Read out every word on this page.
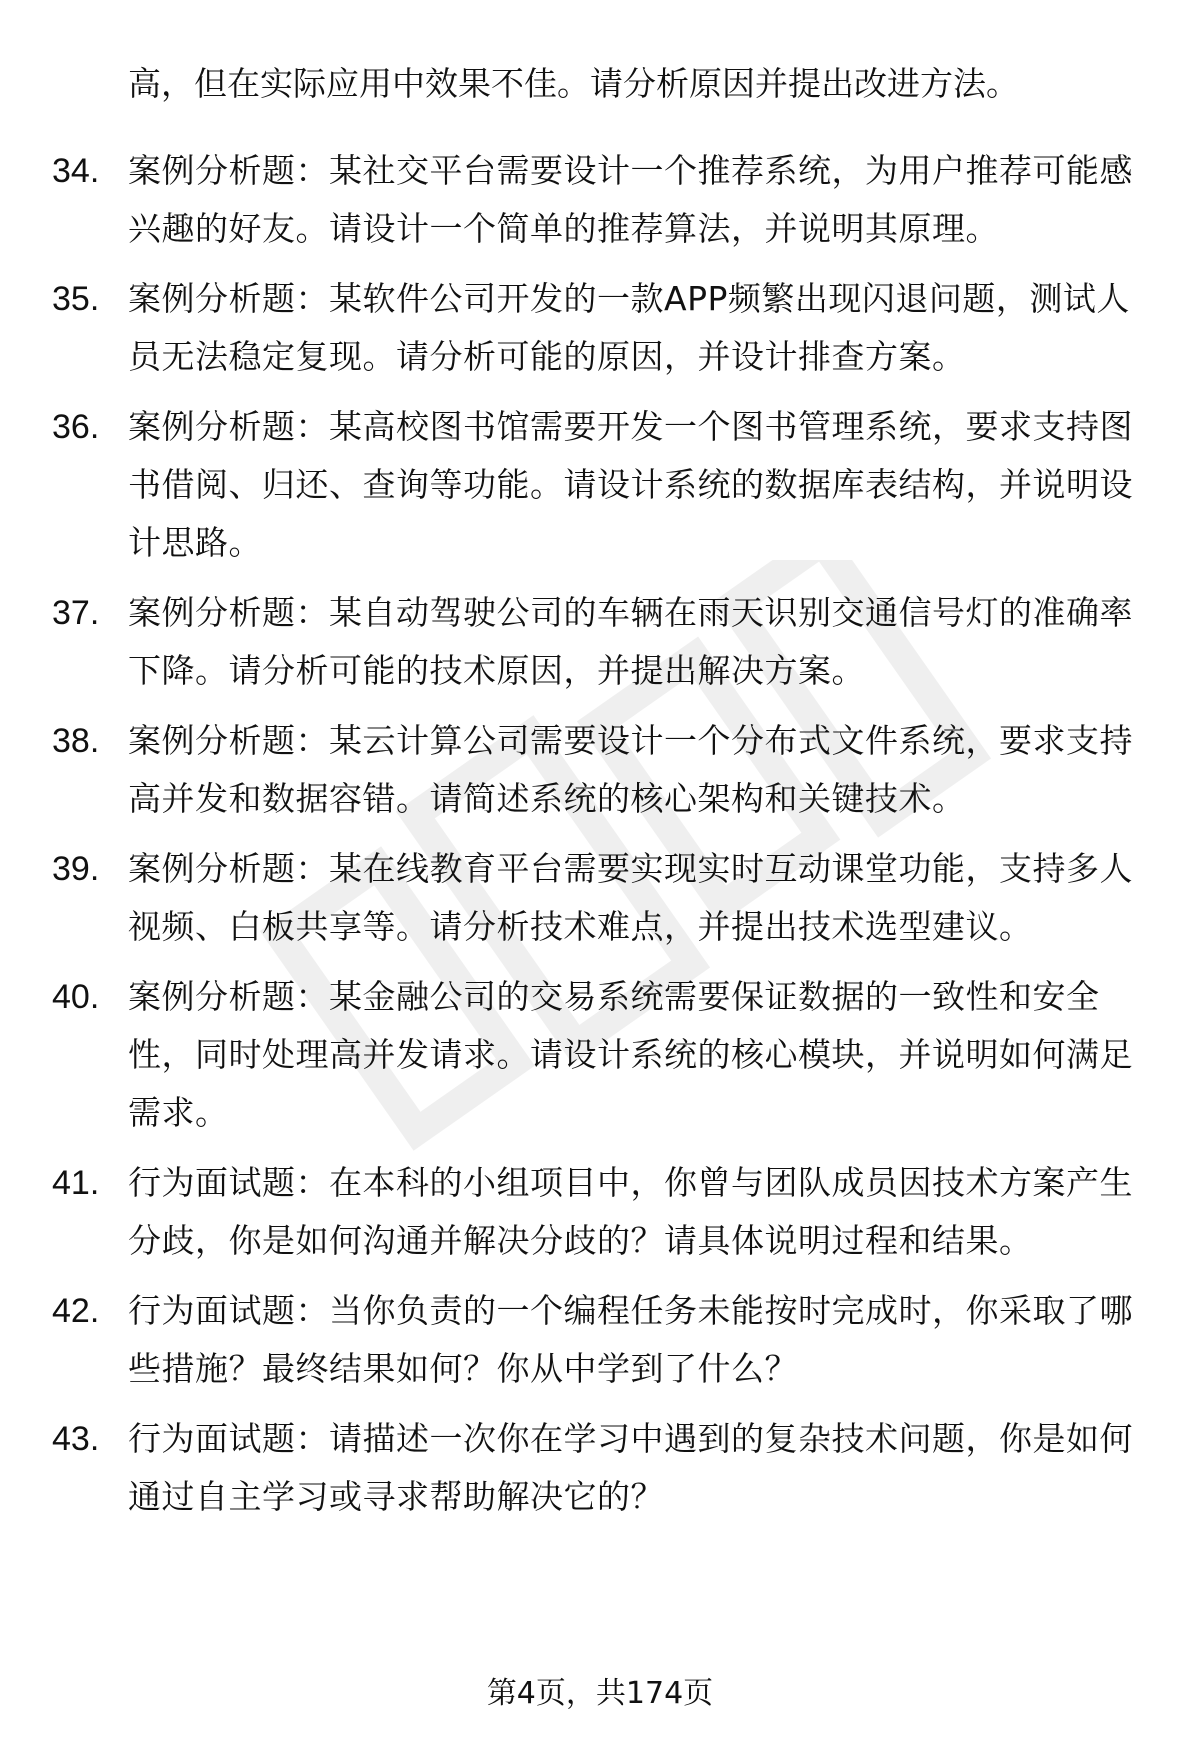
高，但在实际应用中效果不佳。请分析原因并提出改进方法。
34. 案例分析题：某社交平台需要设计一个推荐系统，为用户推荐可能感兴趣的好友。请设计一个简单的推荐算法，并说明其原理。
35. 案例分析题：某软件公司开发的一款APP频繁出现闪退问题，测试人员无法稳定复现。请分析可能的原因，并设计排查方案。
36. 案例分析题：某高校图书馆需要开发一个图书管理系统，要求支持图书借阅、归还、查询等功能。请设计系统的数据库表结构，并说明设计思路。
37. 案例分析题：某自动驾驶公司的车辆在雨天识别交通信号灯的准确率下降。请分析可能的技术原因，并提出解决方案。
38. 案例分析题：某云计算公司需要设计一个分布式文件系统，要求支持高并发和数据容错。请简述系统的核心架构和关键技术。
39. 案例分析题：某在线教育平台需要实现实时互动课堂功能，支持多人视频、白板共享等。请分析技术难点，并提出技术选型建议。
40. 案例分析题：某金融公司的交易系统需要保证数据的一致性和安全性，同时处理高并发请求。请设计系统的核心模块，并说明如何满足需求。
41. 行为面试题：在本科的小组项目中，你曾与团队成员因技术方案产生分歧，你是如何沟通并解决分歧的？请具体说明过程和结果。
42. 行为面试题：当你负责的一个编程任务未能按时完成时，你采取了哪些措施？最终结果如何？你从中学到了什么？
43. 行为面试题：请描述一次你在学习中遇到的复杂技术问题，你是如何通过自主学习或寻求帮助解决它的？
第4页，共174页
